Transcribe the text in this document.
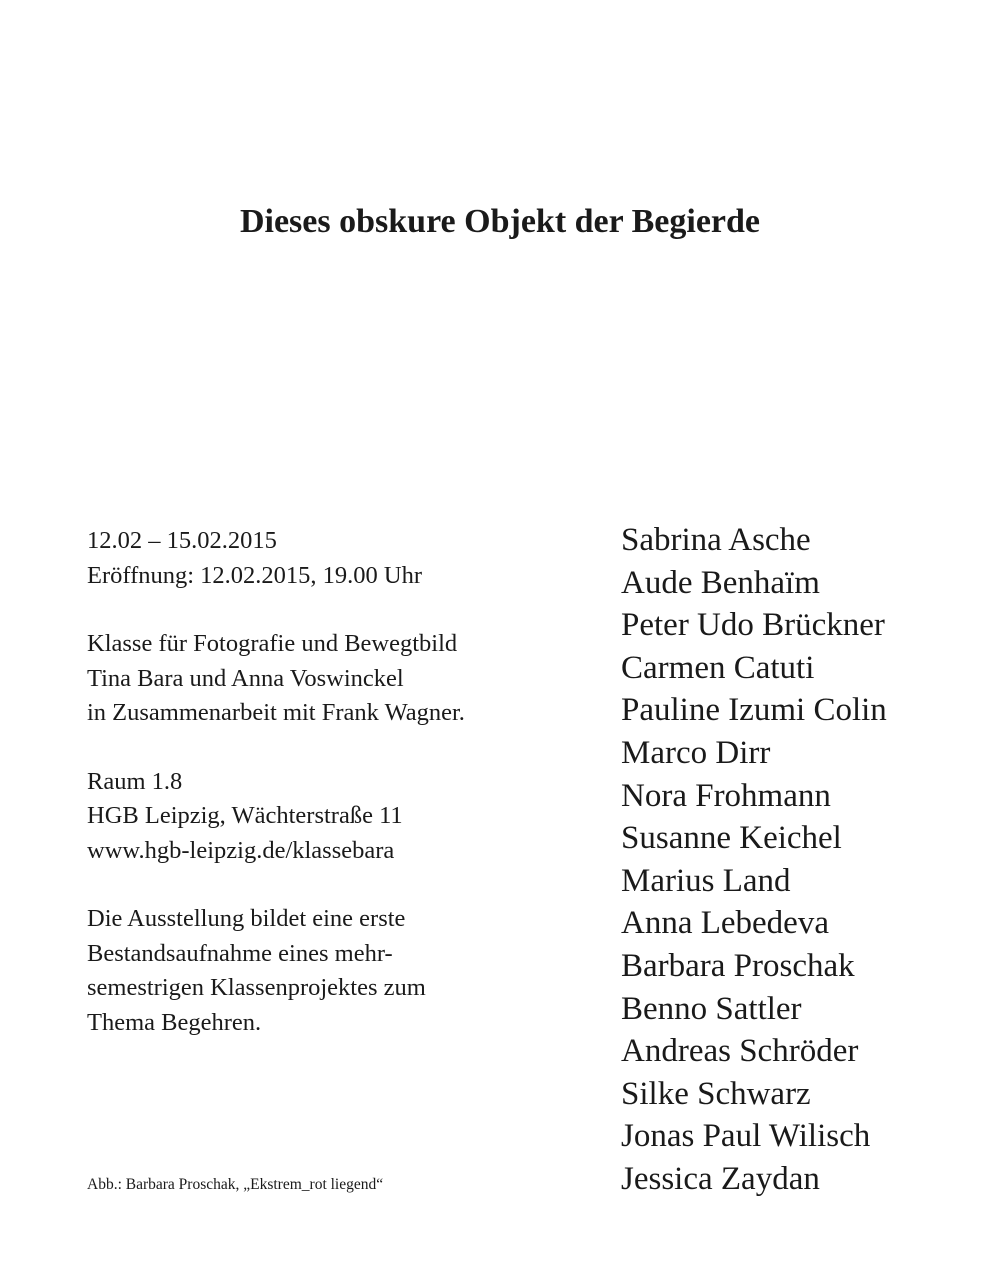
Dieses obskure Objekt der Begierde

12.02 – 15.02.2015

Eröffnung: 12.02.2015, 19.00 Uhr

Klasse für Fotografie und Bewegtbild

Tina Bara und Anna Voswinckel

in Zusammenarbeit mit Frank Wagner.

Raum 1.8

HGB Leipzig, Wächterstraße 11

www.hgb-leipzig.de/klassebara

Die Ausstellung bildet eine erste

Bestandsaufnahme eines mehr-

semestrigen Klassenprojektes zum

Thema Begehren.

Abb.: Barbara Proschak, „Ekstrem_rot liegend“

Sabrina Asche
Aude Benhaïm
Peter Udo Brückner
Carmen Catuti
Pauline Izumi Colin
Marco Dirr
Nora Frohmann
Susanne Keichel
Marius Land
Anna Lebedeva
Barbara Proschak
Benno Sattler
Andreas Schröder
Silke Schwarz
Jonas Paul Wilisch
Jessica Zaydan
